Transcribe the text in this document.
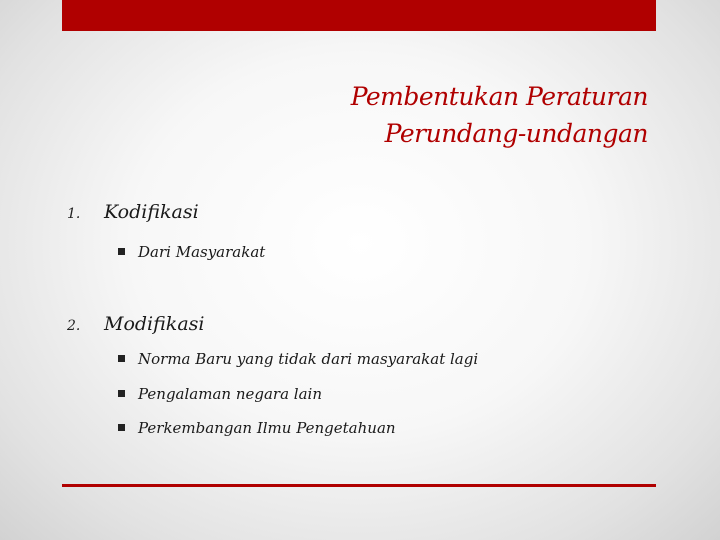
Pembentukan Peraturan
Perundang-undangan
1. Kodifikasi
Dari Masyarakat
2. Modifikasi
Norma Baru yang tidak dari masyarakat lagi
Pengalaman negara lain
Perkembangan Ilmu Pengetahuan
